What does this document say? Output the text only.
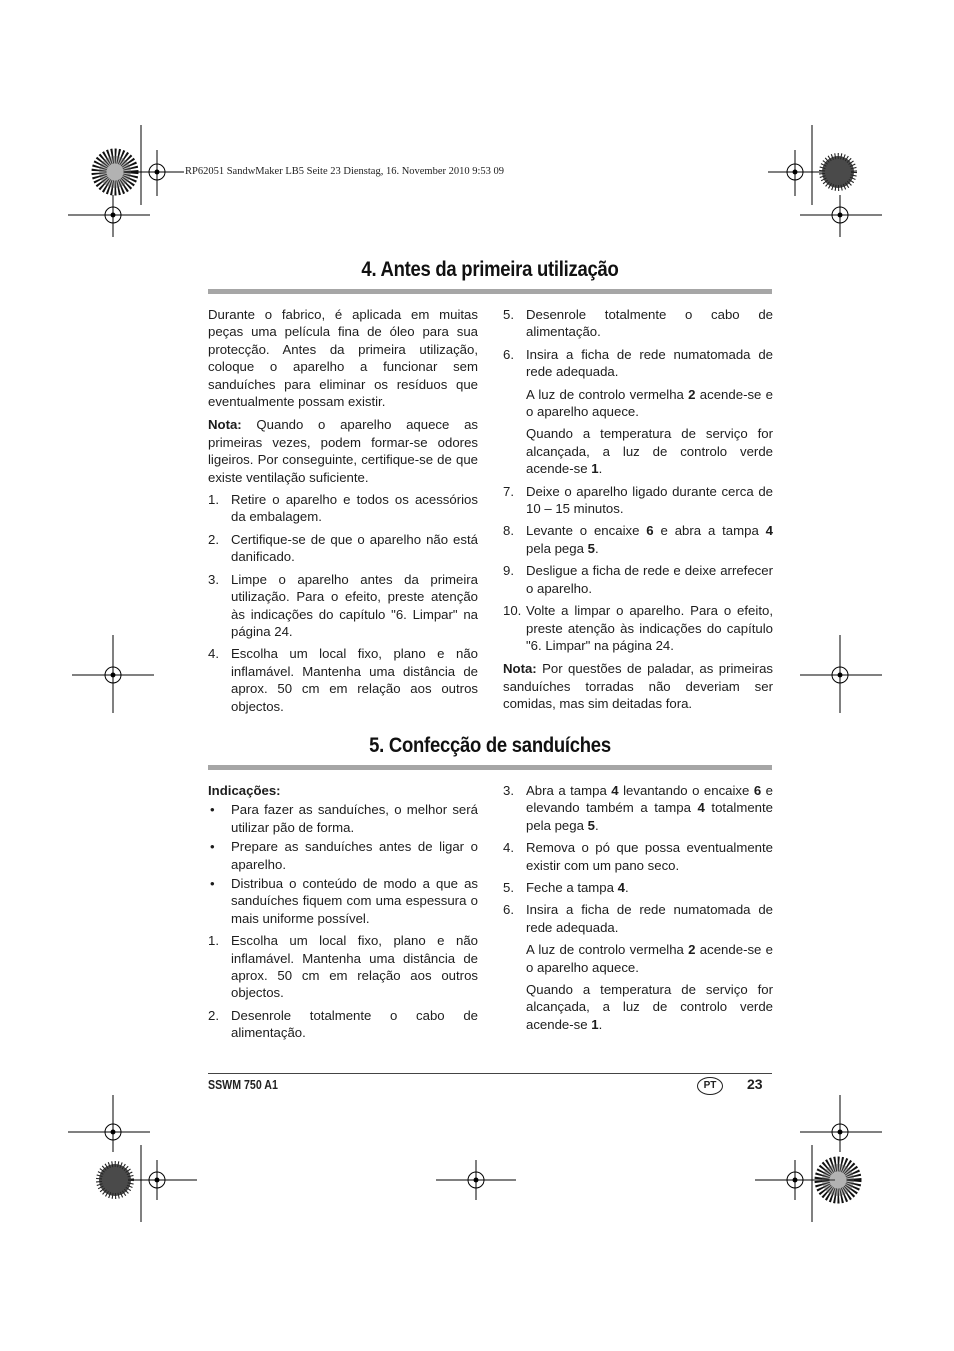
RP62051 SandwMaker LB5 Seite 23 Dienstag, 16. November 2010 9:53 09
4. Antes da primeira utilização

Durante o fabrico, é aplicada em muitas peças uma película fina de óleo para sua protecção. Antes da primeira utilização, coloque o aparelho a funcionar sem sanduíches para eliminar os resíduos que eventualmente possam existir.

Nota: Quando o aparelho aquece as primeiras vezes, podem formar-se odores ligeiros. Por conseguinte, certifique-se de que existe ventilação suficiente.

1. Retire o aparelho e todos os acessórios da embalagem.
2. Certifique-se de que o aparelho não está danificado.
3. Limpe o aparelho antes da primeira utilização. Para o efeito, preste atenção às indicações do capítulo "6. Limpar" na página 24.
4. Escolha um local fixo, plano e não inflamável. Mantenha uma distância de aprox. 50 cm em relação aos outros objectos.
5. Desenrole totalmente o cabo de alimentação.
6. Insira a ficha de rede numatomada de rede adequada.
A luz de controlo vermelha 2 acende-se e o aparelho aquece.
Quando a temperatura de serviço for alcançada, a luz de controlo verde acende-se 1.
7. Deixe o aparelho ligado durante cerca de 10 – 15 minutos.
8. Levante o encaixe 6 e abra a tampa 4 pela pega 5.
9. Desligue a ficha de rede e deixe arrefecer o aparelho.
10. Volte a limpar o aparelho. Para o efeito, preste atenção às indicações do capítulo "6. Limpar" na página 24.

Nota: Por questões de paladar, as primeiras sanduíches torradas não deveriam ser comidas, mas sim deitadas fora.

5. Confecção de sanduíches

Indicações:

• Para fazer as sanduíches, o melhor será utilizar pão de forma.
• Prepare as sanduíches antes de ligar o aparelho.
• Distribua o conteúdo de modo a que as sanduíches fiquem com uma espessura o mais uniforme possível.
1. Escolha um local fixo, plano e não inflamável. Mantenha uma distância de aprox. 50 cm em relação aos outros objectos.
2. Desenrole totalmente o cabo de alimentação.
3. Abra a tampa 4 levantando o encaixe 6 e elevando também a tampa 4 totalmente pela pega 5.
4. Remova o pó que possa eventualmente existir com um pano seco.
5. Feche a tampa 4.
6. Insira a ficha de rede numatomada de rede adequada.
A luz de controlo vermelha 2 acende-se e o aparelho aquece.
Quando a temperatura de serviço for alcançada, a luz de controlo verde acende-se 1.
SSWM 750 A1	PT	23
